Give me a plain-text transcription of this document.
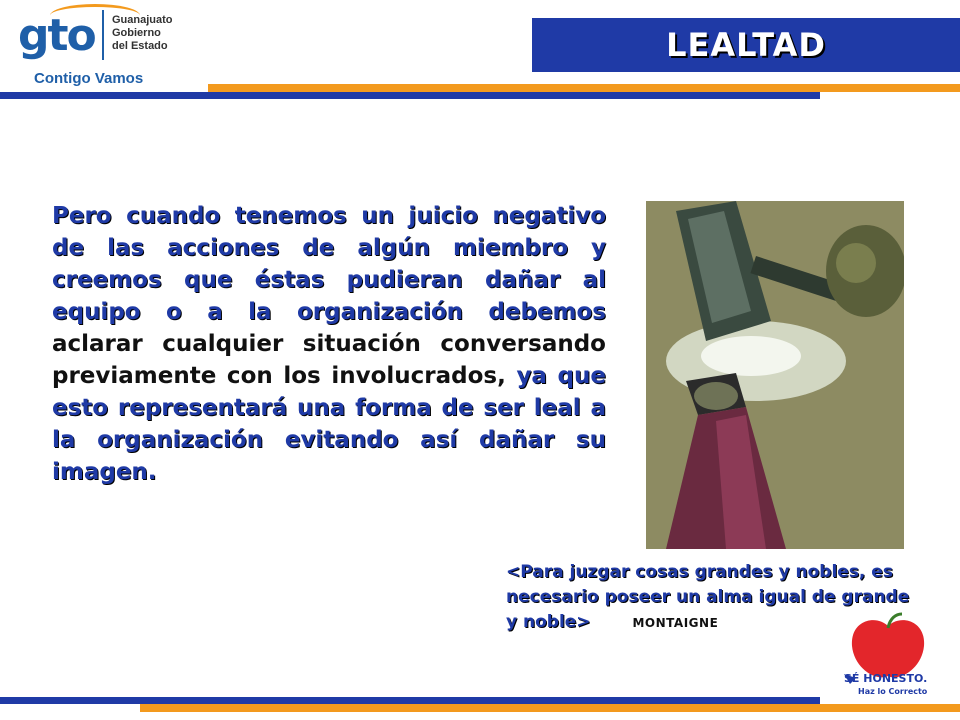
gto Guanajuato
Gobierno
del Estado
Contigo Vamos
LEALTAD
Pero cuando tenemos un juicio negativo de las acciones de algún miembro y creemos que éstas pudieran dañar al equipo o a la organización debemos aclarar cualquier situación conversando previamente con los involucrados, ya que esto representará una forma de ser leal a la organización evitando así dañar su imagen.
<Para juzgar cosas grandes y nobles, es necesario poseer un alma igual de grande y noble>	MONTAIGNE
SÉ HONESTO.
Haz lo Correcto
